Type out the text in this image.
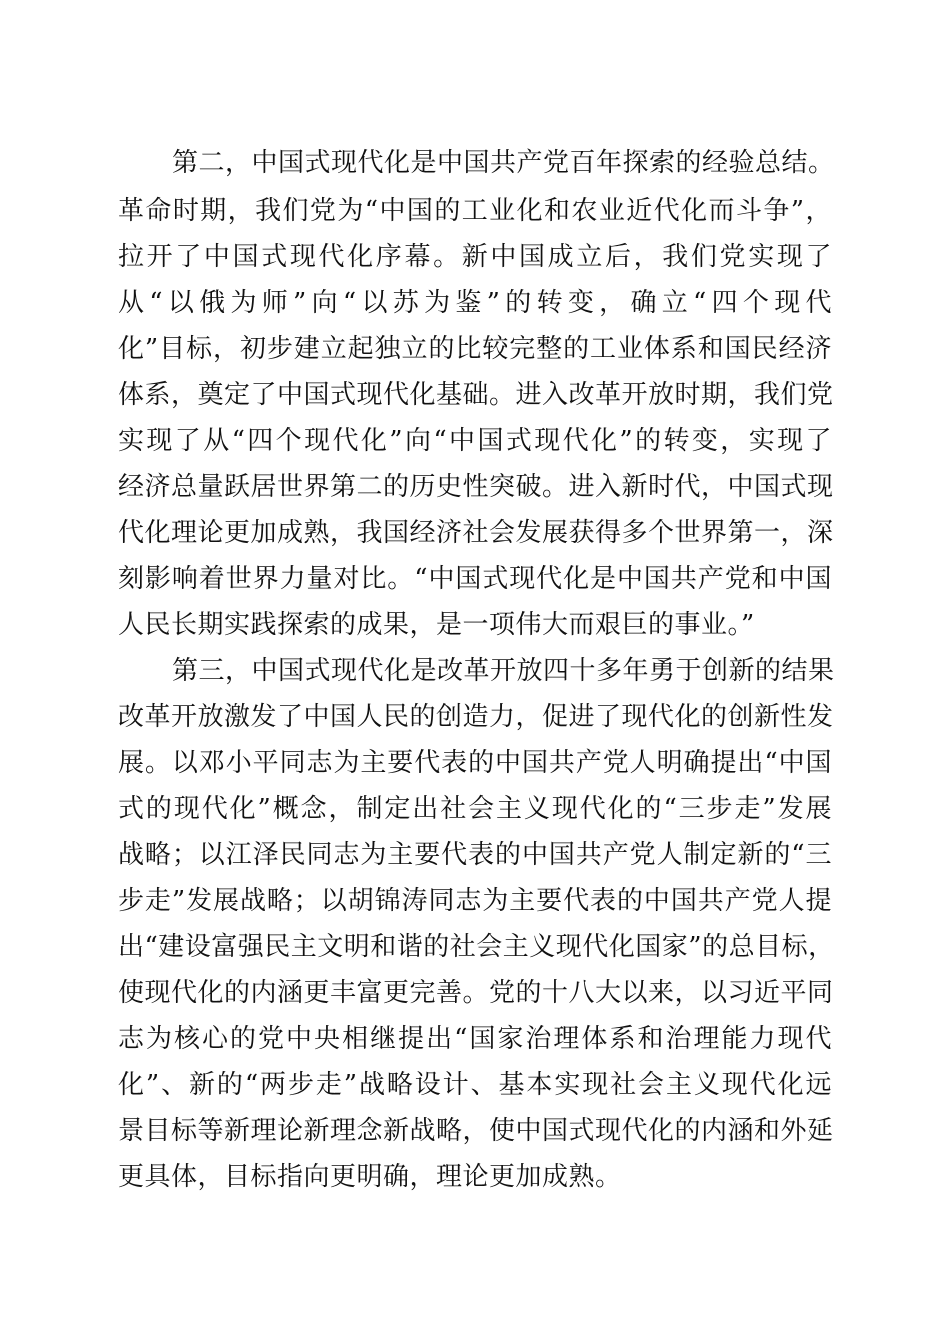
第二，中国式现代化是中国共产党百年探索的经验总结。
革命时期，我们党为“中国的工业化和农业近代化而斗争”，
拉开了中国式现代化序幕。新中国成立后，我们党实现了
从“以俄为师”向“以苏为鉴”的转变，确立“四个现代
化”目标，初步建立起独立的比较完整的工业体系和国民经济
体系，奠定了中国式现代化基础。进入改革开放时期，我们党
实现了从“四个现代化”向“中国式现代化”的转变，实现了
经济总量跃居世界第二的历史性突破。进入新时代，中国式现
代化理论更加成熟，我国经济社会发展获得多个世界第一，深
刻影响着世界力量对比。“中国式现代化是中国共产党和中国
人民长期实践探索的成果，是一项伟大而艰巨的事业。”
第三，中国式现代化是改革开放四十多年勇于创新的结果
改革开放激发了中国人民的创造力，促进了现代化的创新性发
展。以邓小平同志为主要代表的中国共产党人明确提出“中国
式的现代化”概念，制定出社会主义现代化的“三步走”发展
战略；以江泽民同志为主要代表的中国共产党人制定新的“三
步走”发展战略；以胡锦涛同志为主要代表的中国共产党人提
出“建设富强民主文明和谐的社会主义现代化国家”的总目标，
使现代化的内涵更丰富更完善。党的十八大以来，以习近平同
志为核心的党中央相继提出“国家治理体系和治理能力现代
化”、新的“两步走”战略设计、基本实现社会主义现代化远
景目标等新理论新理念新战略，使中国式现代化的内涵和外延
更具体，目标指向更明确，理论更加成熟。
